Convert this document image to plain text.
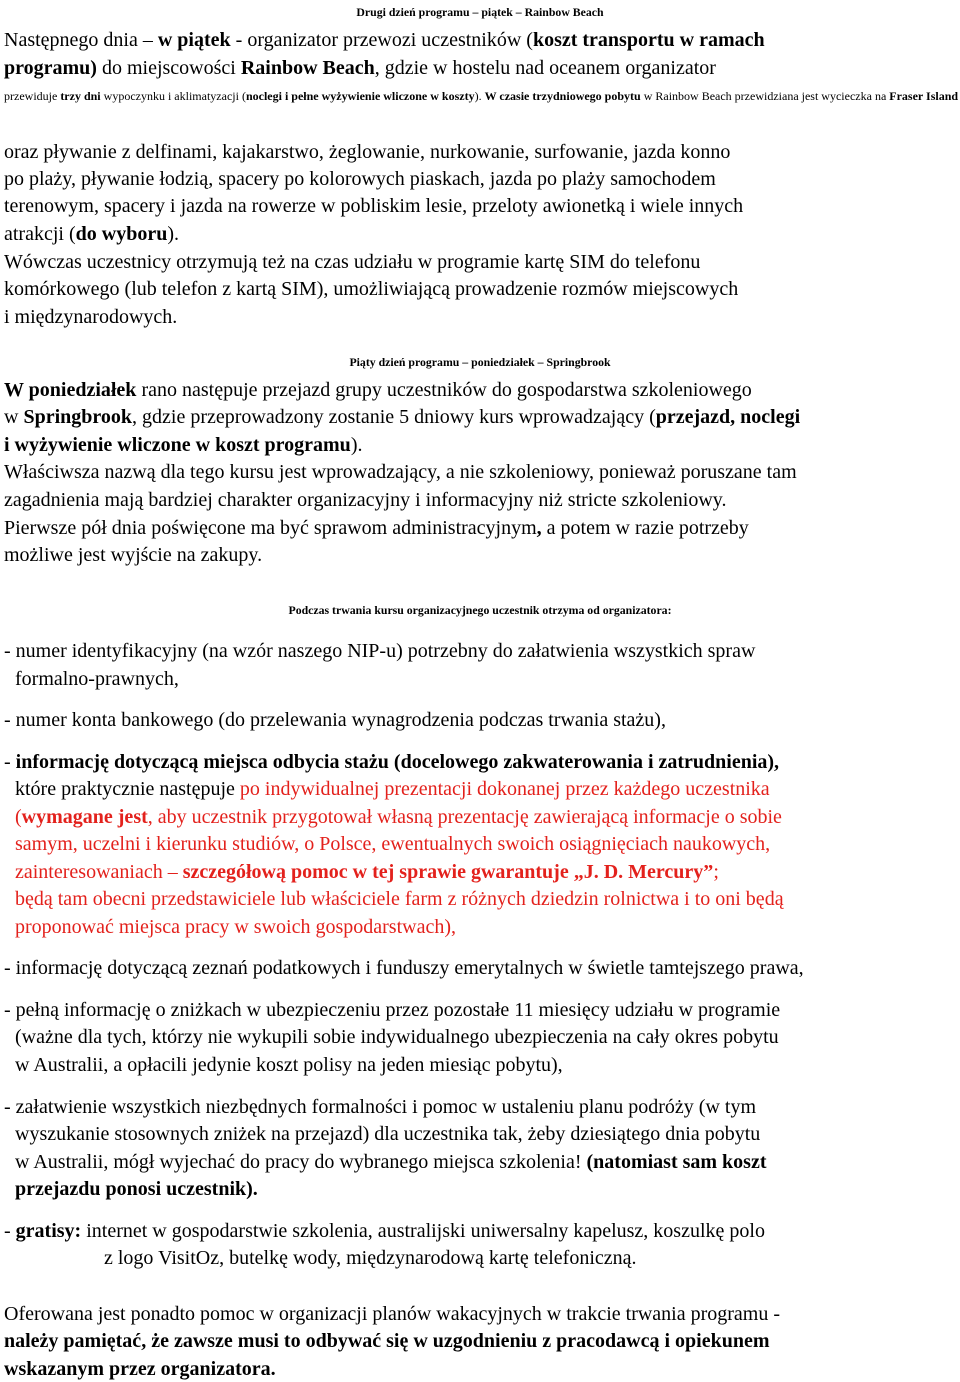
Drugi dzień programu – piątek – Rainbow Beach
Następnego dnia – w piątek - organizator przewozi uczestników (koszt transportu w ramach
programu) do miejscowości Rainbow Beach, gdzie w hostelu nad oceanem organizator
przewiduje trzy dni wypoczynku i aklimatyzacji (noclegi i pełne wyżywienie wliczone w koszty). W czasie trzydniowego pobytu w Rainbow Beach przewidziana jest wycieczka na Fraser Island
oraz pływanie z delfinami, kajakarstwo, żeglowanie, nurkowanie, surfowanie, jazda konno
po plaży, pływanie łodzią, spacery po kolorowych piaskach, jazda po plaży samochodem
terenowym, spacery i jazda na rowerze w pobliskim lesie, przeloty awionetką i wiele innych
atrakcji (do wyboru).
Wówczas uczestnicy otrzymują też na czas udziału w programie kartę SIM do telefonu
komórkowego (lub telefon z kartą SIM), umożliwiającą prowadzenie rozmów miejscowych
i międzynarodowych.
Piąty dzień programu – poniedziałek – Springbrook
W poniedziałek rano następuje przejazd grupy uczestników do gospodarstwa szkoleniowego
w Springbrook, gdzie przeprowadzony zostanie 5 dniowy kurs wprowadzający (przejazd, noclegi
i wyżywienie wliczone w koszt programu).
Właściwsza nazwą dla tego kursu jest wprowadzający, a nie szkoleniowy, ponieważ poruszane tam
zagadnienia mają bardziej charakter organizacyjny i informacyjny niż stricte szkoleniowy.
Pierwsze pół dnia poświęcone ma być sprawom administracyjnym, a potem w razie potrzeby
możliwe jest wyjście na zakupy.
Podczas trwania kursu organizacyjnego uczestnik otrzyma od organizatora:
- numer identyfikacyjny (na wzór naszego NIP-u) potrzebny do załatwienia wszystkich spraw
formalno-prawnych,
- numer konta bankowego (do przelewania wynagrodzenia podczas trwania stażu),
- informację dotyczącą miejsca odbycia stażu (docelowego zakwaterowania i zatrudnienia),
które praktycznie następuje po indywidualnej prezentacji dokonanej przez każdego uczestnika
(wymagane jest, aby uczestnik przygotował własną prezentację zawierającą informacje o sobie
samym, uczelni i kierunku studiów, o Polsce, ewentualnych swoich osiągnięciach naukowych,
zainteresowaniach – szczegółową pomoc w tej sprawie gwarantuje „J. D. Mercury”;
będą tam obecni przedstawiciele lub właściciele farm z różnych dziedzin rolnictwa i to oni będą
proponować miejsca pracy w swoich gospodarstwach),
- informację dotyczącą zeznań podatkowych i funduszy emerytalnych w świetle tamtejszego prawa,
- pełną informację o zniżkach w ubezpieczeniu przez pozostałe 11 miesięcy udziału w programie
(ważne dla tych, którzy nie wykupili sobie indywidualnego ubezpieczenia na cały okres pobytu
w Australii, a opłacili jedynie koszt polisy na jeden miesiąc pobytu),
- załatwienie wszystkich niezbędnych formalności i pomoc w ustaleniu planu podróży (w tym
wyszukanie stosownych zniżek na przejazd) dla uczestnika tak, żeby dziesiątego dnia pobytu
w Australii, mógł wyjechać do pracy do wybranego miejsca szkolenia! (natomiast sam koszt
przejazdu ponosi uczestnik).
- gratisy: internet w gospodarstwie szkolenia, australijski uniwersalny kapelusz, koszulkę polo
z logo VisitOz, butelkę wody, międzynarodową kartę telefoniczną.
Oferowana jest ponadto pomoc w organizacji planów wakacyjnych w trakcie trwania programu -
należy pamiętać, że zawsze musi to odbywać się w uzgodnieniu z pracodawcą i opiekunem
wskazanym przez organizatora.
